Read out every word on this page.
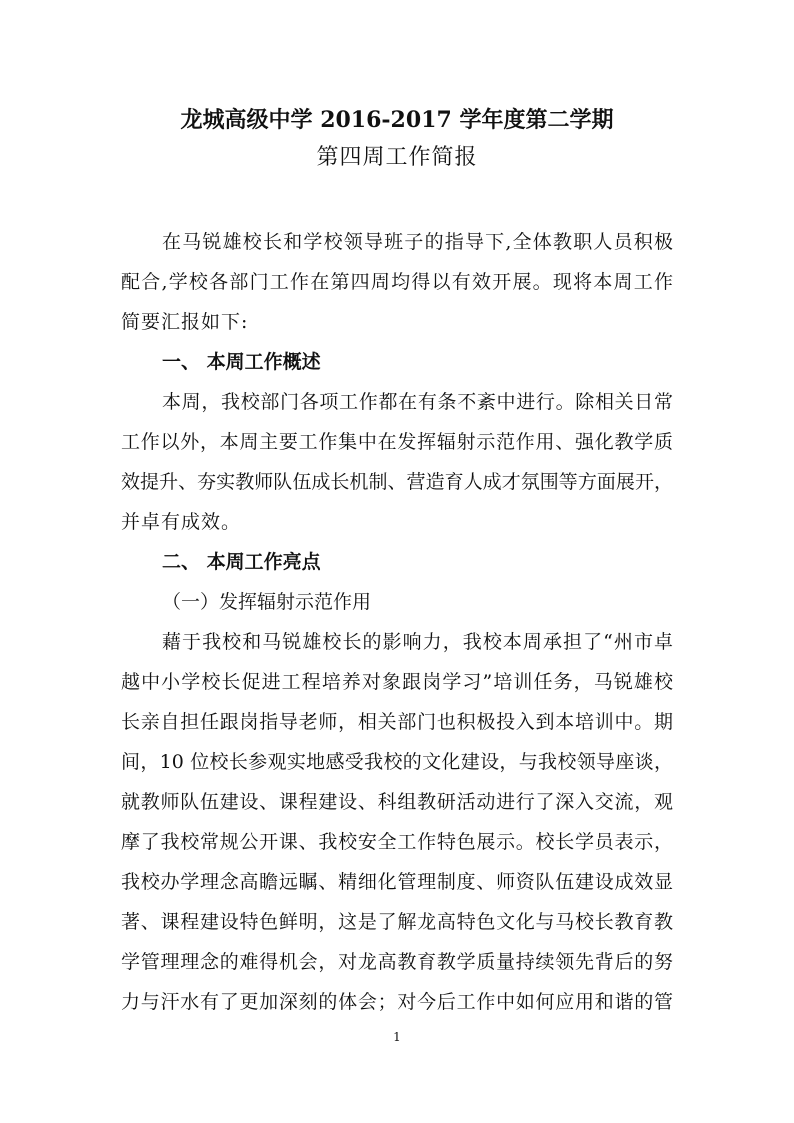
龙城高级中学 2016-2017 学年度第二学期
第四周工作简报
在马锐雄校长和学校领导班子的指导下,全体教职人员积极
配合,学校各部门工作在第四周均得以有效开展。现将本周工作
简要汇报如下:
一、 本周工作概述
本周，我校部门各项工作都在有条不紊中进行。除相关日常
工作以外，本周主要工作集中在发挥辐射示范作用、强化教学质
效提升、夯实教师队伍成长机制、营造育人成才氛围等方面展开，
并卓有成效。
二、 本周工作亮点
（一）发挥辐射示范作用
藉于我校和马锐雄校长的影响力，我校本周承担了“州市卓
越中小学校长促进工程培养对象跟岗学习”培训任务，马锐雄校
长亲自担任跟岗指导老师，相关部门也积极投入到本培训中。期
间，10 位校长参观实地感受我校的文化建设，与我校领导座谈，
就教师队伍建设、课程建设、科组教研活动进行了深入交流，观
摩了我校常规公开课、我校安全工作特色展示。校长学员表示，
我校办学理念高瞻远瞩、精细化管理制度、师资队伍建设成效显
著、课程建设特色鲜明，这是了解龙高特色文化与马校长教育教
学管理理念的难得机会，对龙高教育教学质量持续领先背后的努
力与汗水有了更加深刻的体会；对今后工作中如何应用和谐的管
1
